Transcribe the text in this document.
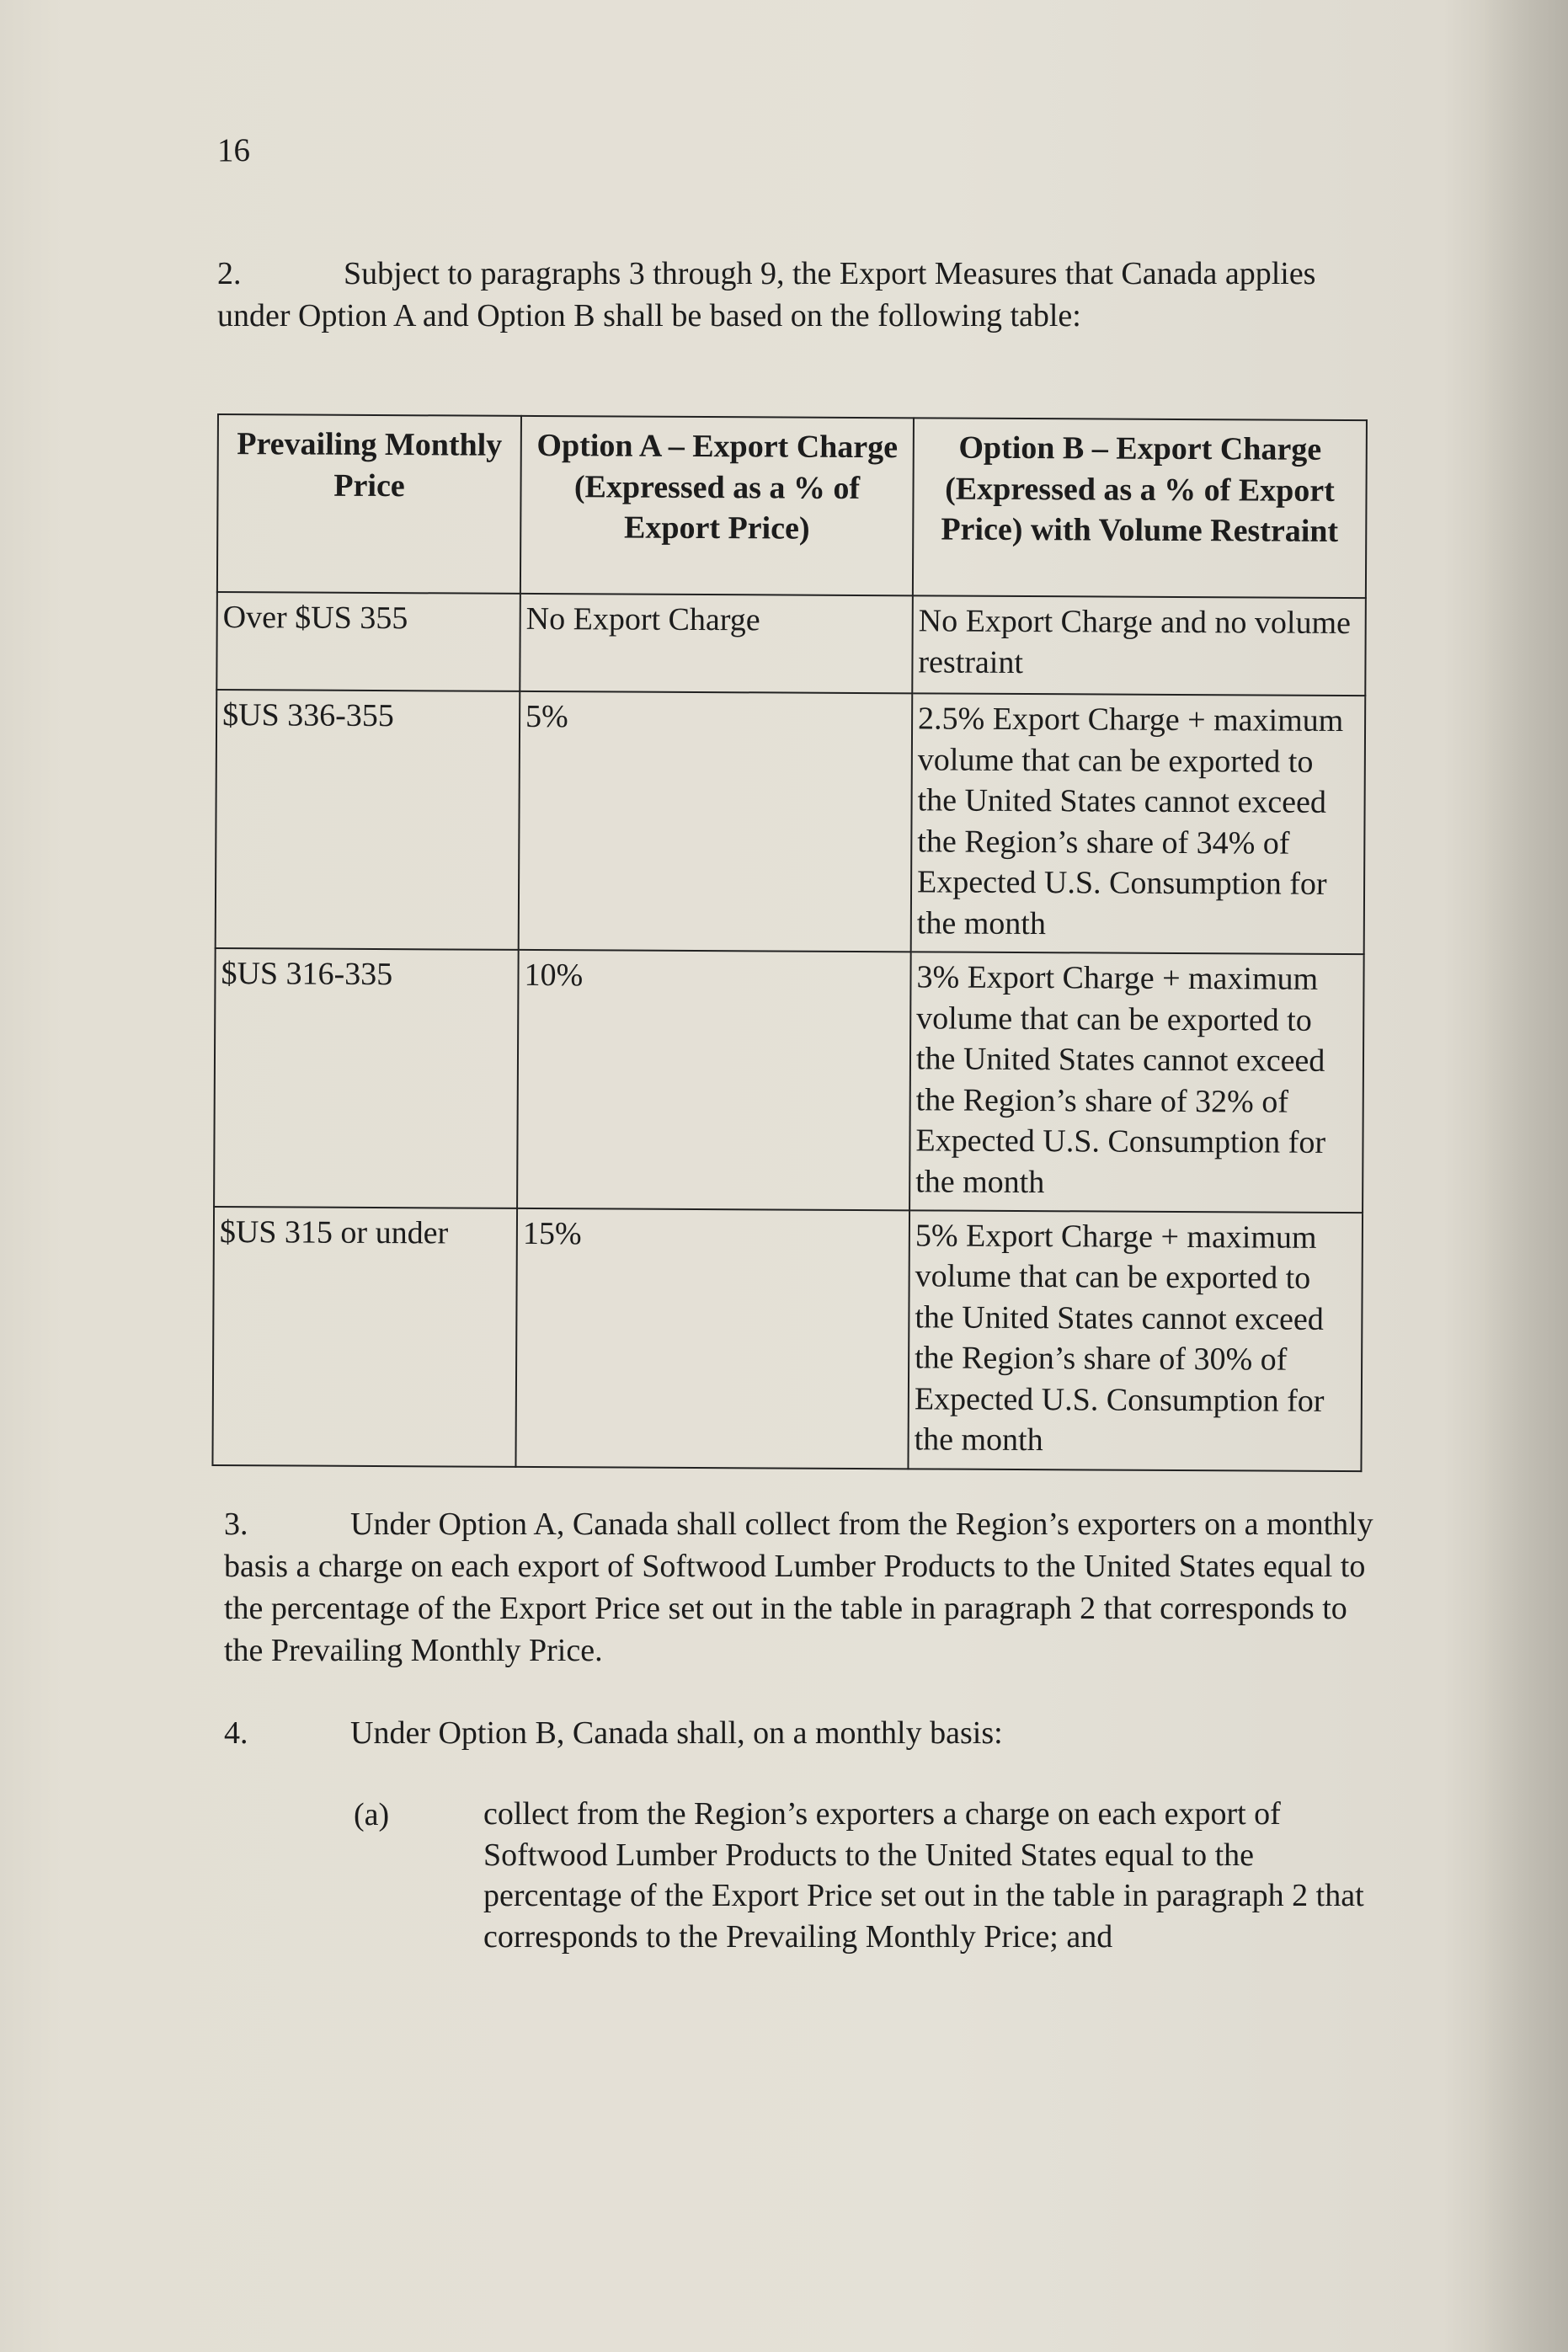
16
2.	Subject to paragraphs 3 through 9, the Export Measures that Canada applies under Option A and Option B shall be based on the following table:
Prevailing Monthly Price	Option A – Export Charge (Expressed as a % of Export Price)	Option B – Export Charge (Expressed as a % of Export Price) with Volume Restraint
Over $US 355	No Export Charge	No Export Charge and no volume restraint
$US 336-355	5%	2.5% Export Charge + maximum volume that can be exported to the United States cannot exceed the Region’s share of 34% of Expected U.S. Consumption for the month
$US 316-335	10%	3% Export Charge + maximum volume that can be exported to the United States cannot exceed the Region’s share of 32% of Expected U.S. Consumption for the month
$US 315 or under	15%	5% Export Charge + maximum volume that can be exported to the United States cannot exceed the Region’s share of 30% of Expected U.S. Consumption for the month
3.	Under Option A, Canada shall collect from the Region’s exporters on a monthly basis a charge on each export of Softwood Lumber Products to the United States equal to the percentage of the Export Price set out in the table in paragraph 2 that corresponds to the Prevailing Monthly Price.
4.	Under Option B, Canada shall, on a monthly basis:
(a)	collect from the Region’s exporters a charge on each export of Softwood Lumber Products to the United States equal to the percentage of the Export Price set out in the table in paragraph 2 that corresponds to the Prevailing Monthly Price; and
